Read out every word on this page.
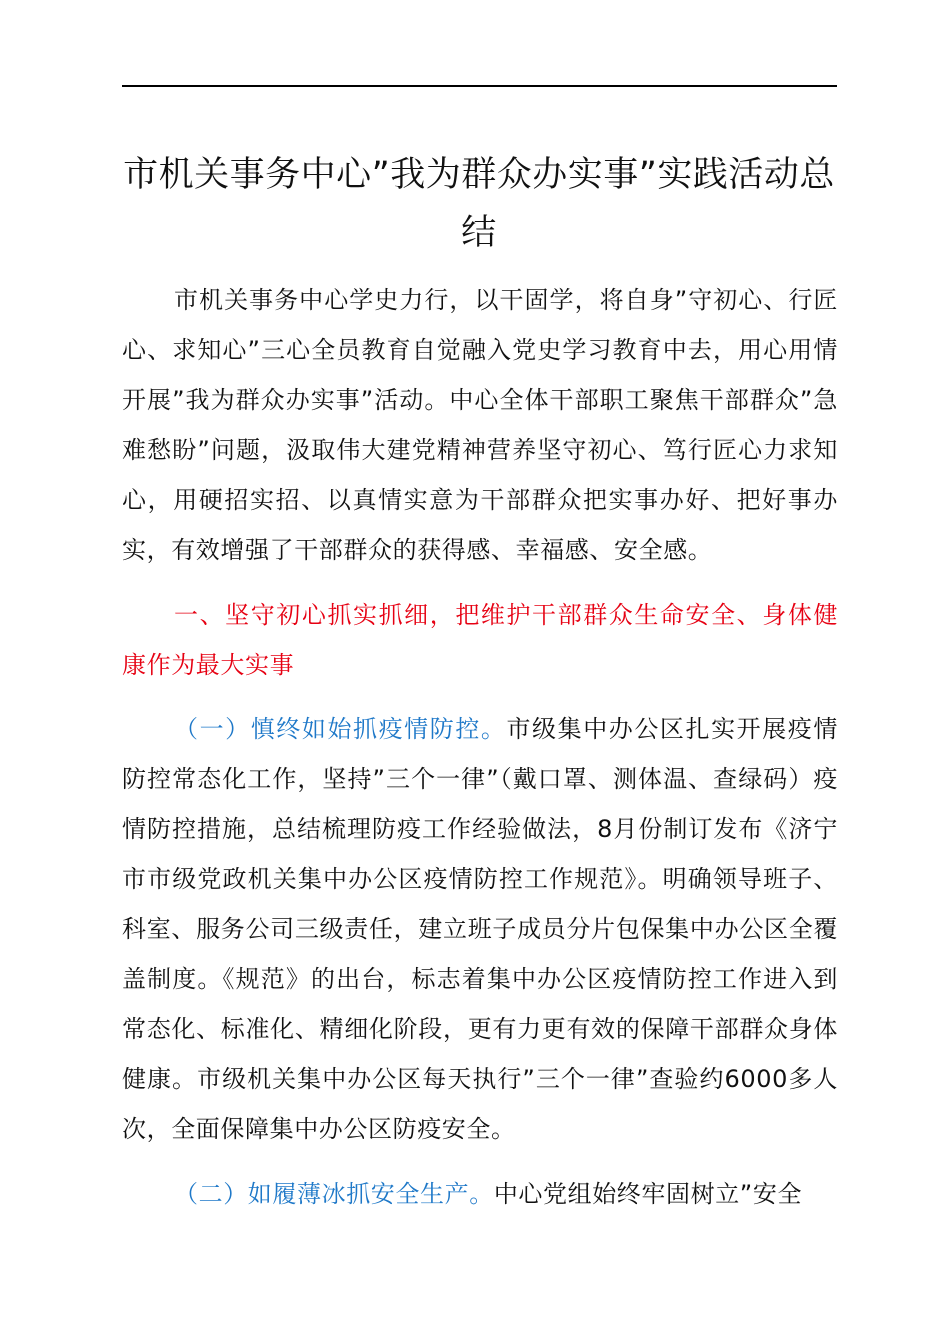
市机关事务中心”我为群众办实事”实践活动总结

市机关事务中心学史力行，以干固学，将自身”守初心、行匠心、求知心”三心全员教育自觉融入党史学习教育中去，用心用情开展”我为群众办实事”活动。中心全体干部职工聚焦干部群众”急难愁盼”问题，汲取伟大建党精神营养坚守初心、笃行匠心力求知心，用硬招实招、以真情实意为干部群众把实事办好、把好事办实，有效增强了干部群众的获得感、幸福感、安全感。

一、坚守初心抓实抓细，把维护干部群众生命安全、身体健康作为最大实事

（一）慎终如始抓疫情防控。市级集中办公区扎实开展疫情防控常态化工作，坚持”三个一律”（戴口罩、测体温、查绿码）疫情防控措施，总结梳理防疫工作经验做法，8月份制订发布《济宁市市级党政机关集中办公区疫情防控工作规范》。明确领导班子、科室、服务公司三级责任，建立班子成员分片包保集中办公区全覆盖制度。《规范》的出台，标志着集中办公区疫情防控工作进入到常态化、标准化、精细化阶段，更有力更有效的保障干部群众身体健康。市级机关集中办公区每天执行”三个一律”查验约6000多人次，全面保障集中办公区防疫安全。

（二）如履薄冰抓安全生产。中心党组始终牢固树立”安全
